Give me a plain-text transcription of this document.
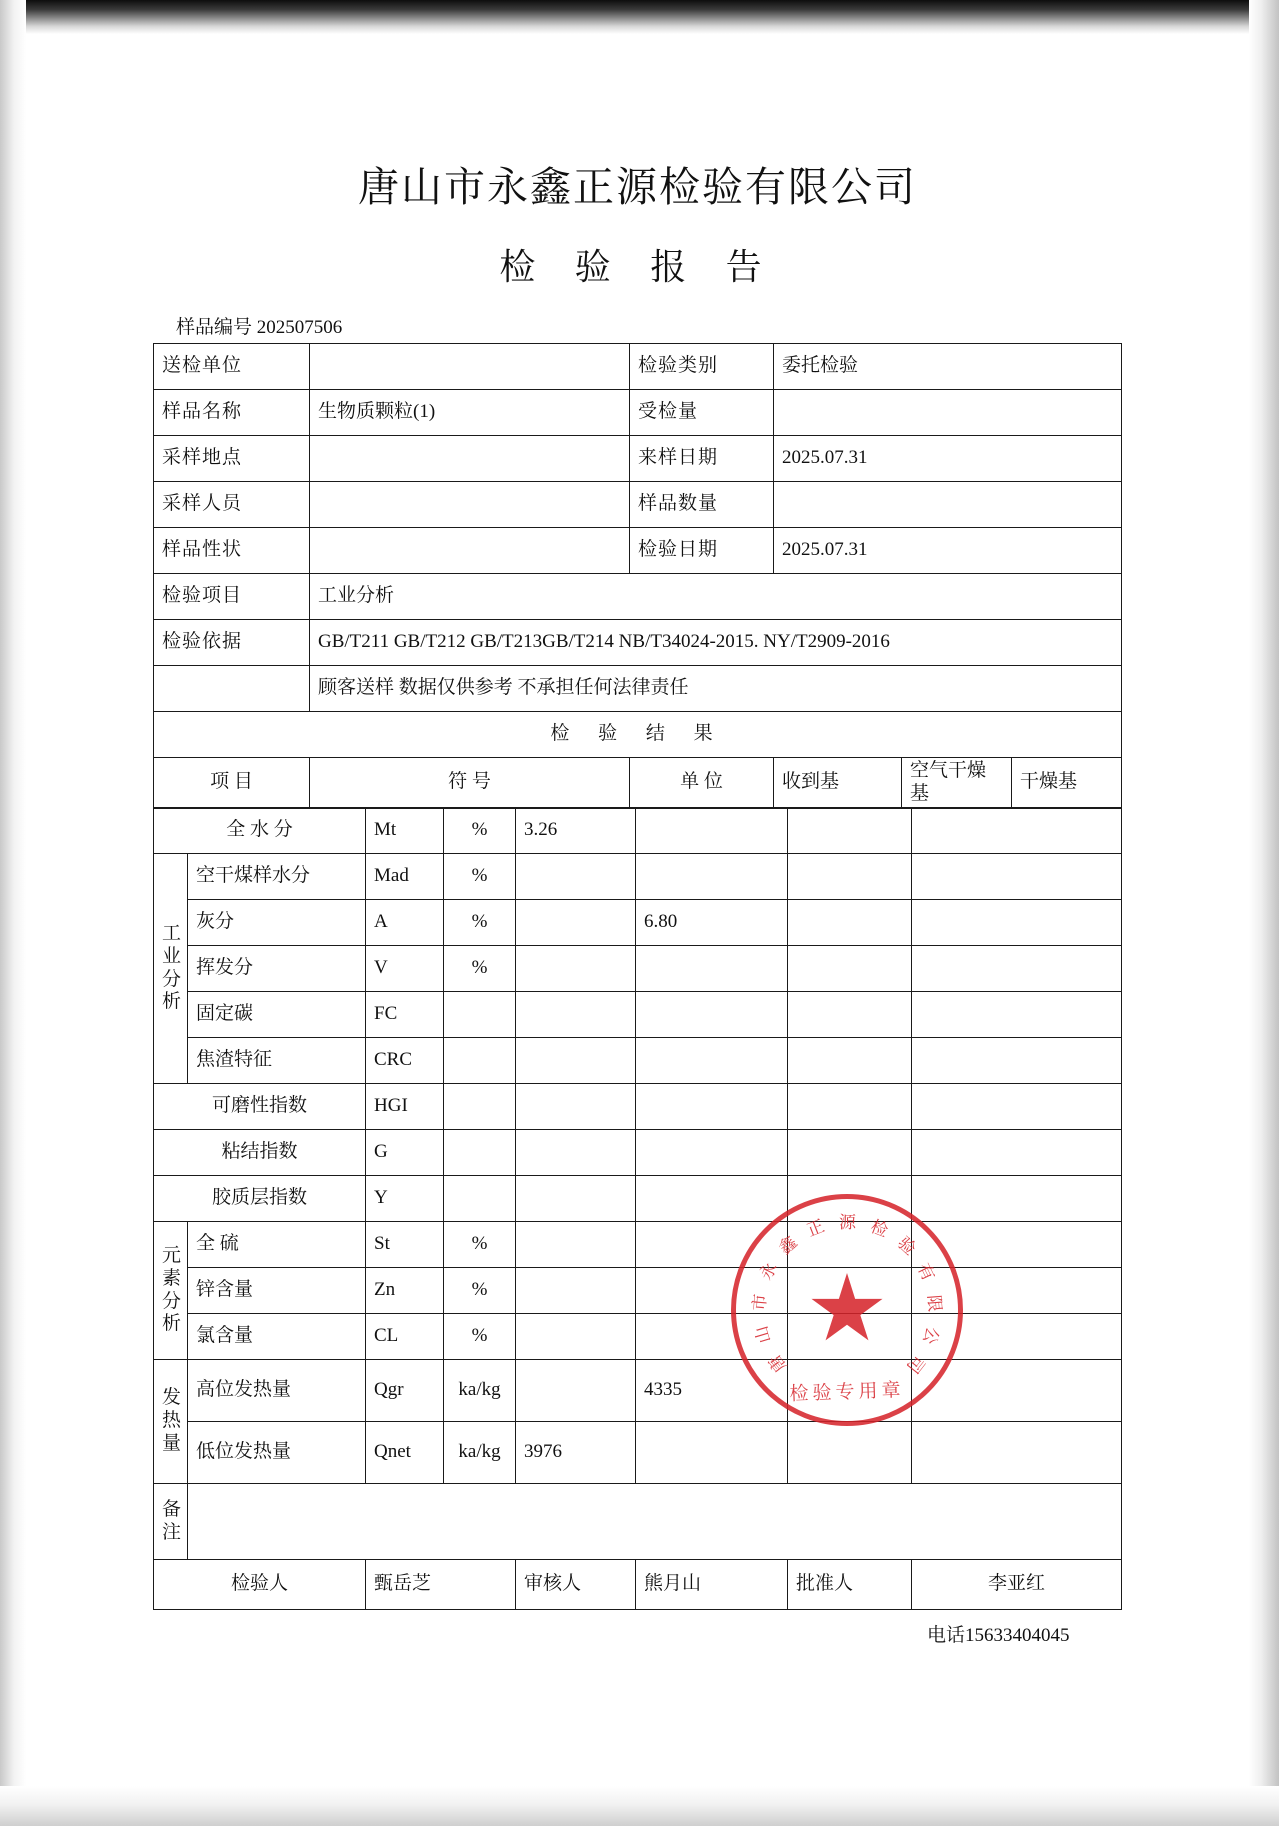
唐山市永鑫正源检验有限公司
检 验 报 告
样品编号 202507506
送检单位		检验类别	委托检验		
样品名称	生物质颗粒(1)	受检量			
采样地点		来样日期	2025.07.31		
采样人员		样品数量			
样品性状		检验日期	2025.07.31		
检验项目	工业分析				
检验依据	GB/T211 GB/T212 GB/T213GB/T214 NB/T34024-2015. NY/T2909-2016				
	顾客送样 数据仅供参考 不承担任何法律责任				
检 验 结 果					
项 目	符 号	单 位	收到基	空气干燥基	干燥基
全 水 分		Mt	%	3.26			

工
业
分
析	空干煤样水分	Mad	%				
	灰分	A	%		6.80		
	挥发分	V	%				
	固定碳	FC					
	焦渣特征	CRC					
可磨性指数		HGI					
粘结指数		G					
胶质层指数		Y					

元
素
分
析	全 硫	St	%				
	锌含量	Zn	%				
	氯含量	CL	%				

发
热
量	高位发热量	Qgr	ka/kg		4335		
	低位发热量	Qnet	ka/kg	3976			

备
注							

检验人		甄岳芝		审核人	熊月山	批准人	李亚红
电话15633404045
唐
山
市
永
鑫
正 源 检
验
有
限
公
司
检验专用章
